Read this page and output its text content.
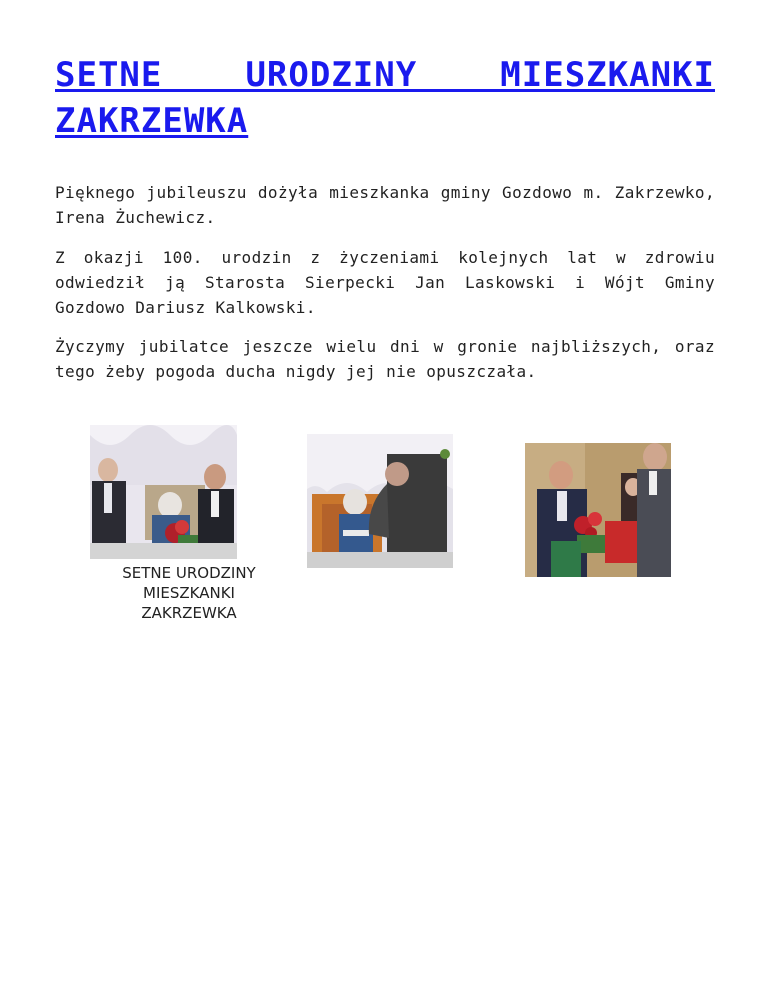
SETNE URODZINY MIESZKANKI ZAKRZEWKA

Pięknego jubileuszu dożyła mieszkanka gminy Gozdowo m. Zakrzewko, Irena Żuchewicz.

Z okazji 100. urodzin z życzeniami kolejnych lat w zdrowiu odwiedził ją Starosta Sierpecki Jan Laskowski i Wójt Gminy Gozdowo Dariusz Kalkowski.

Życzymy jubilatce jeszcze wielu dni w gronie najbliższych, oraz tego żeby pogoda ducha nigdy jej nie opuszczała.

SETNE URODZINY MIESZKANKI ZAKRZEWKA
